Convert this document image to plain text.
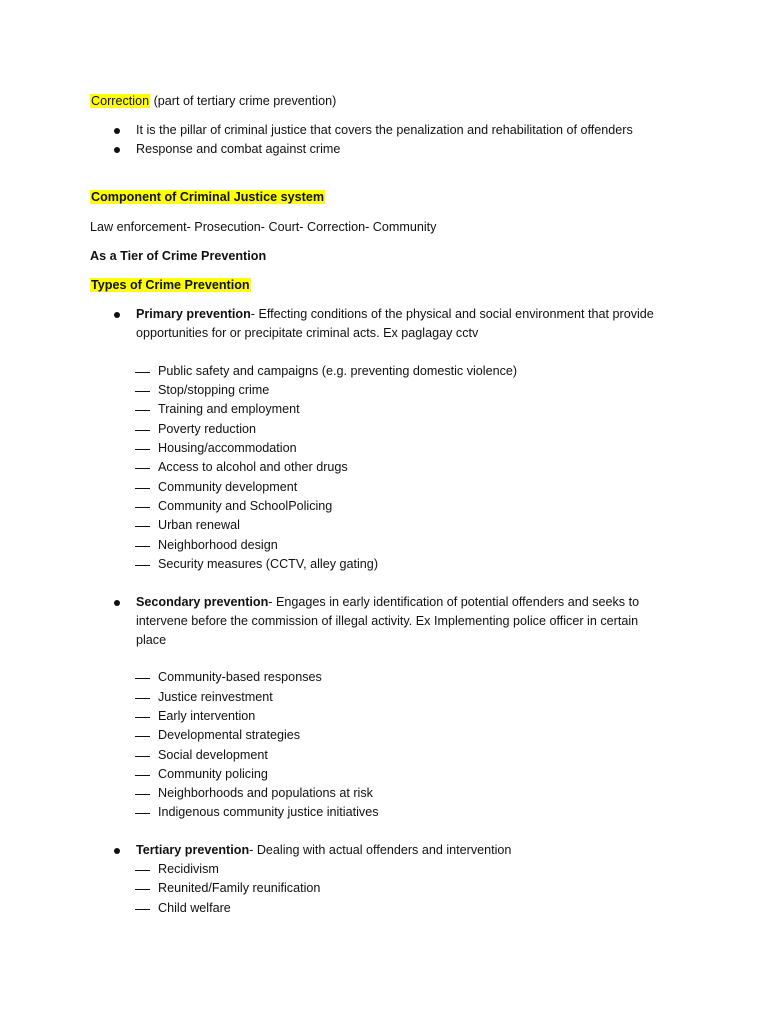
Correction (part of tertiary crime prevention)
It is the pillar of criminal justice that covers the penalization and rehabilitation of offenders
Response and combat against crime
Component of Criminal Justice system
Law enforcement- Prosecution- Court- Correction- Community
As a Tier of Crime Prevention
Types of Crime Prevention
Primary prevention- Effecting conditions of the physical and social environment that provide
opportunities for or precipitate criminal acts. Ex paglagay cctv
Public safety and campaigns (e.g. preventing domestic violence)
Stop/stopping crime
Training and employment
Poverty reduction
Housing/accommodation
Access to alcohol and other drugs
Community development
Community and SchoolPolicing
Urban renewal
Neighborhood design
Security measures (CCTV, alley gating)
Secondary prevention- Engages in early identification of potential offenders and seeks to
intervene before the commission of illegal activity. Ex Implementing police officer in certain
place
Community-based responses
Justice reinvestment
Early intervention
Developmental strategies
Social development
Community policing
Neighborhoods and populations at risk
Indigenous community justice initiatives
Tertiary prevention- Dealing with actual offenders and intervention
Recidivism
Reunited/Family reunification
Child welfare
